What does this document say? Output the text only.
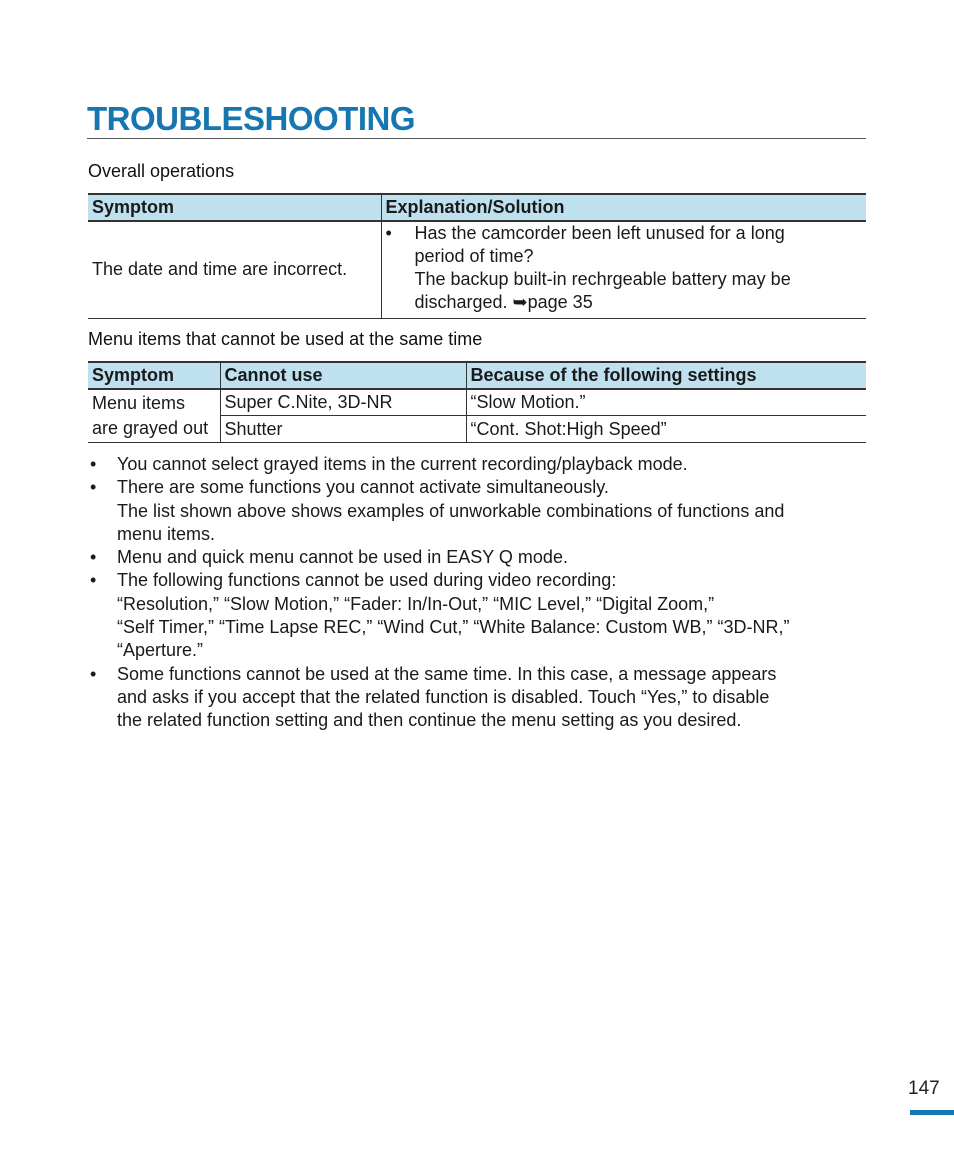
TROUBLESHOOTING
Overall operations
Symptom	Explanation/Solution
The date and time are incorrect.	• Has the camcorder been left unused for a long
period of time?
The backup built-in rechrgeable battery may be
discharged. ➥page 35
Menu items that cannot be used at the same time
Symptom	Cannot use	Because of the following settings

Menu items
are grayed out	Super C.Nite, 3D-NR	“Slow Motion.”
	Shutter	“Cont. Shot:High Speed”
•	You cannot select grayed items in the current recording/playback mode.
•	There are some functions you cannot activate simultaneously.
The list shown above shows examples of unworkable combinations of functions and
menu items.
•	Menu and quick menu cannot be used in EASY Q mode.
•	The following functions cannot be used during video recording:
“Resolution,” “Slow Motion,” “Fader: In/In-Out,” “MIC Level,” “Digital Zoom,”
“Self Timer,” “Time Lapse REC,” “Wind Cut,” “White Balance: Custom WB,” “3D-NR,”
“Aperture.”
•	Some functions cannot be used at the same time. In this case, a message appears
and asks if you accept that the related function is disabled. Touch “Yes,” to disable
the related function setting and then continue the menu setting as you desired.
147
